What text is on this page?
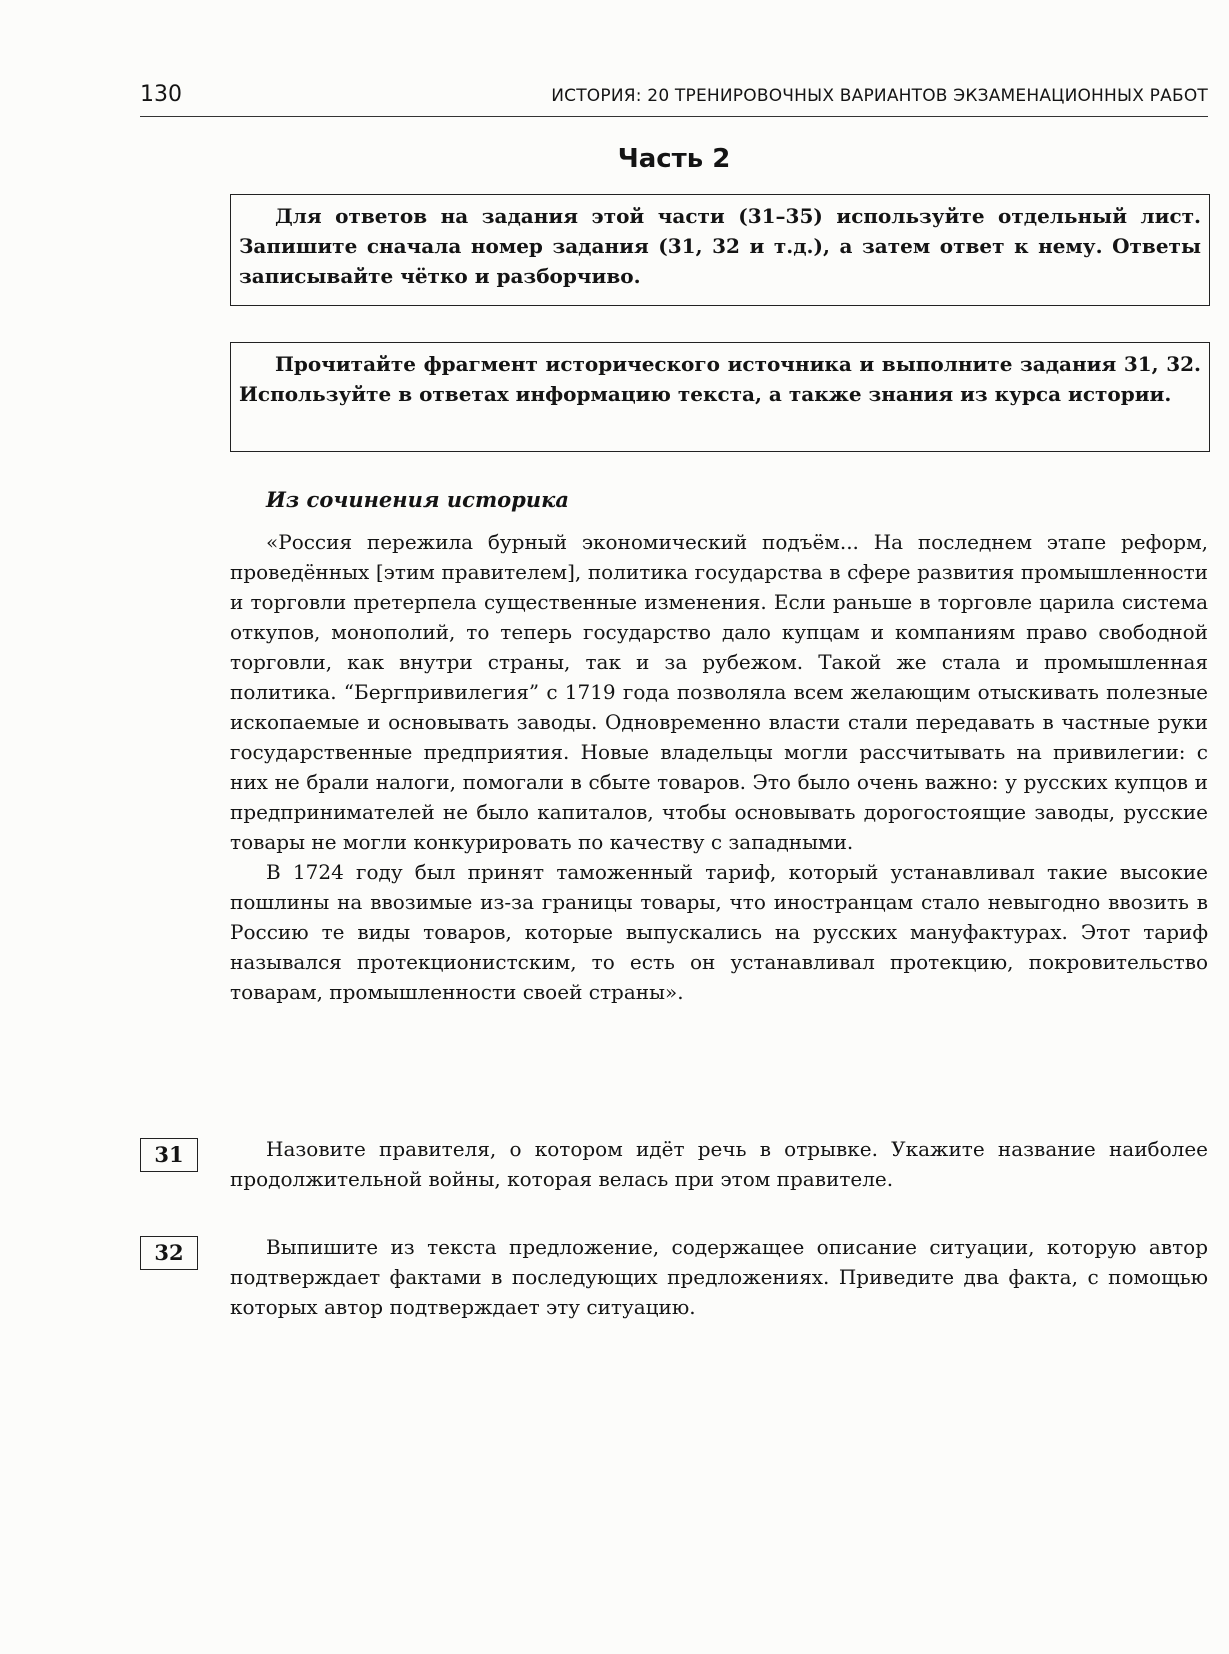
130	ИСТОРИЯ: 20 ТРЕНИРОВОЧНЫХ ВАРИАНТОВ ЭКЗАМЕНАЦИОННЫХ РАБОТ
Часть 2

Для ответов на задания этой части (31–35) используйте отдельный лист. Запишите сначала номер задания (31, 32 и т.д.), а затем ответ к нему. Ответы записывайте чётко и разборчиво.

Прочитайте фрагмент исторического источника и выполните задания 31, 32. Используйте в ответах информацию текста, а также знания из курса истории.

Из сочинения историка

«Россия пережила бурный экономический подъём... На последнем этапе реформ, проведённых [этим правителем], политика государства в сфере развития промышленности и торговли претерпела существенные изменения. Если раньше в торговле царила система откупов, монополий, то теперь государство дало купцам и компаниям право свободной торговли, как внутри страны, так и за рубежом. Такой же стала и промышленная политика. “Бергпривилегия” с 1719 года позволяла всем желающим отыскивать полезные ископаемые и основывать заводы. Одновременно власти стали передавать в частные руки государственные предприятия. Новые владельцы могли рассчитывать на привилегии: с них не брали налоги, помогали в сбыте товаров. Это было очень важно: у русских купцов и предпринимателей не было капиталов, чтобы основывать дорогостоящие заводы, русские товары не могли конкурировать по качеству с западными.

В 1724 году был принят таможенный тариф, который устанавливал такие высокие пошлины на ввозимые из-за границы товары, что иностранцам стало невыгодно ввозить в Россию те виды товаров, которые выпускались на русских мануфактурах. Этот тариф назывался протекционистским, то есть он устанавливал протекцию, покровительство товарам, промышленности своей страны».

31	Назовите правителя, о котором идёт речь в отрывке. Укажите название наиболее продолжительной войны, которая велась при этом правителе.

32	Выпишите из текста предложение, содержащее описание ситуации, которую автор подтверждает фактами в последующих предложениях. Приведите два факта, с помощью которых автор подтверждает эту ситуацию.
